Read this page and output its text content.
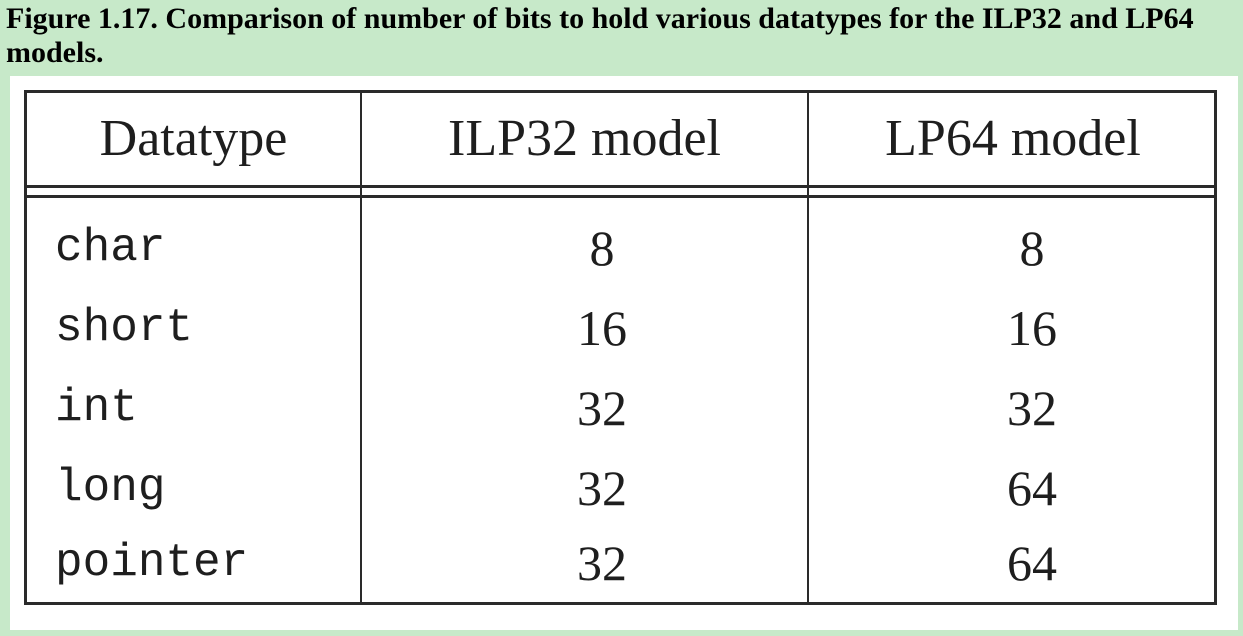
Figure 1.17. Comparison of number of bits to hold various datatypes for the ILP32 and LP64 models.

Datatype	ILP32 model	LP64 model
char	8	8
short	16	16
int	32	32
long	32	64
pointer	32	64
